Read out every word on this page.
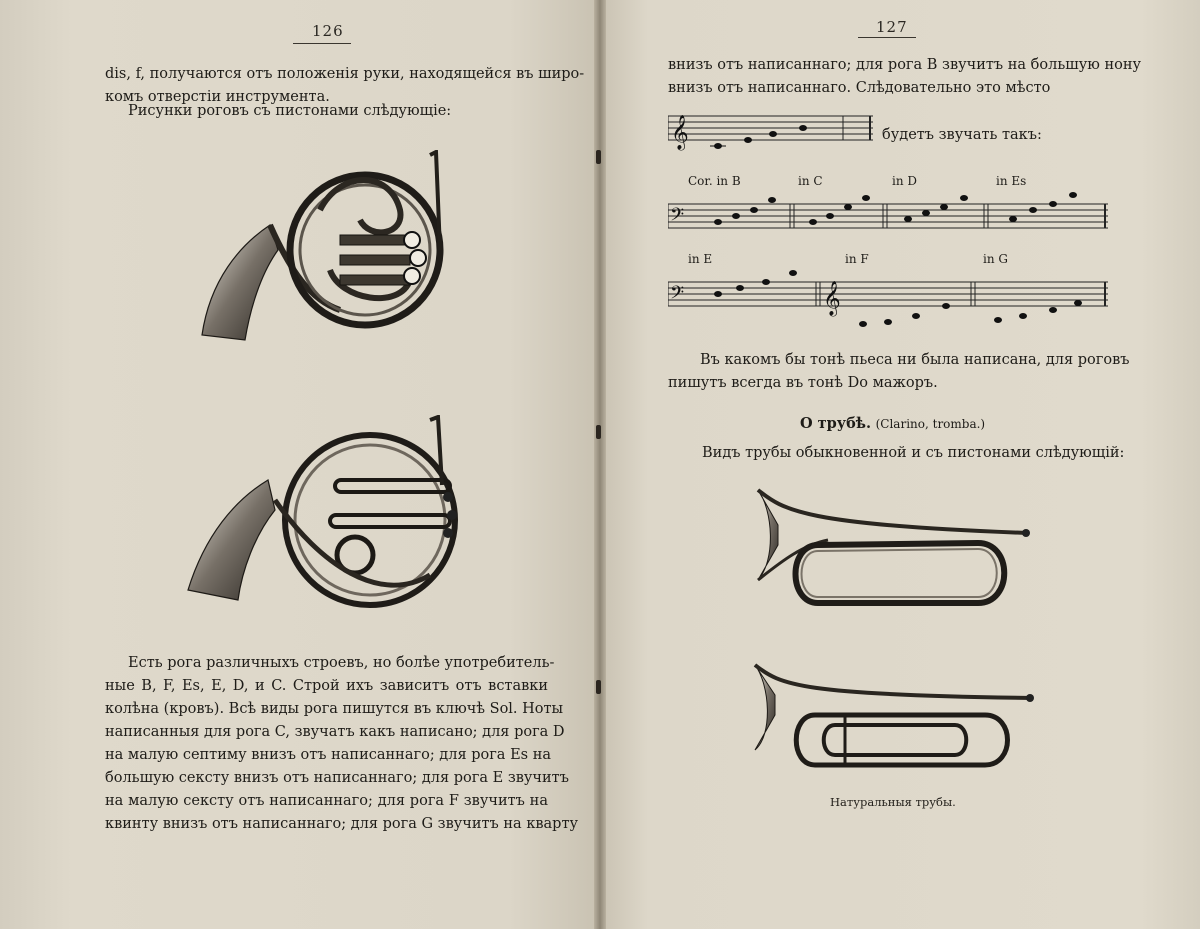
126
dis, f, получаются отъ положенія руки, находящейся въ широ-
комъ отверстіи инструмента.
Рисунки роговъ съ пистонами слѣдующіе:
Есть рога различныхъ строевъ, но болѣе употребитель-
ные B, F, Es, E, D, и C. Строй ихъ зависитъ отъ вставки
колѣна (кровъ). Всѣ виды рога пишутся въ ключѣ Sol. Ноты
написанныя для рога C, звучатъ какъ написано; для рога D
на малую септиму внизъ отъ написаннаго; для рога Es на
большую сексту внизъ отъ написаннаго; для рога E звучитъ
на малую сексту отъ написаннаго; для рога F звучитъ на
квинту внизъ отъ написаннаго; для рога G звучитъ на кварту
127
внизъ отъ написаннаго; для рога B звучитъ на большую нону
внизъ отъ написаннаго. Слѣдовательно это мѣсто
𝄞	будетъ звучать такъ:
Cor. in B	in C	in D	in Es
𝄢
in E	in F	in G
𝄢	𝄞
Въ какомъ бы тонѣ пьеса ни была написана, для роговъ
пишутъ всегда въ тонѣ Do мажоръ.
О трубѣ. (Clarino, tromba.)
Видъ трубы обыкновенной и съ пистонами слѣдующій:
Натуральныя трубы.
